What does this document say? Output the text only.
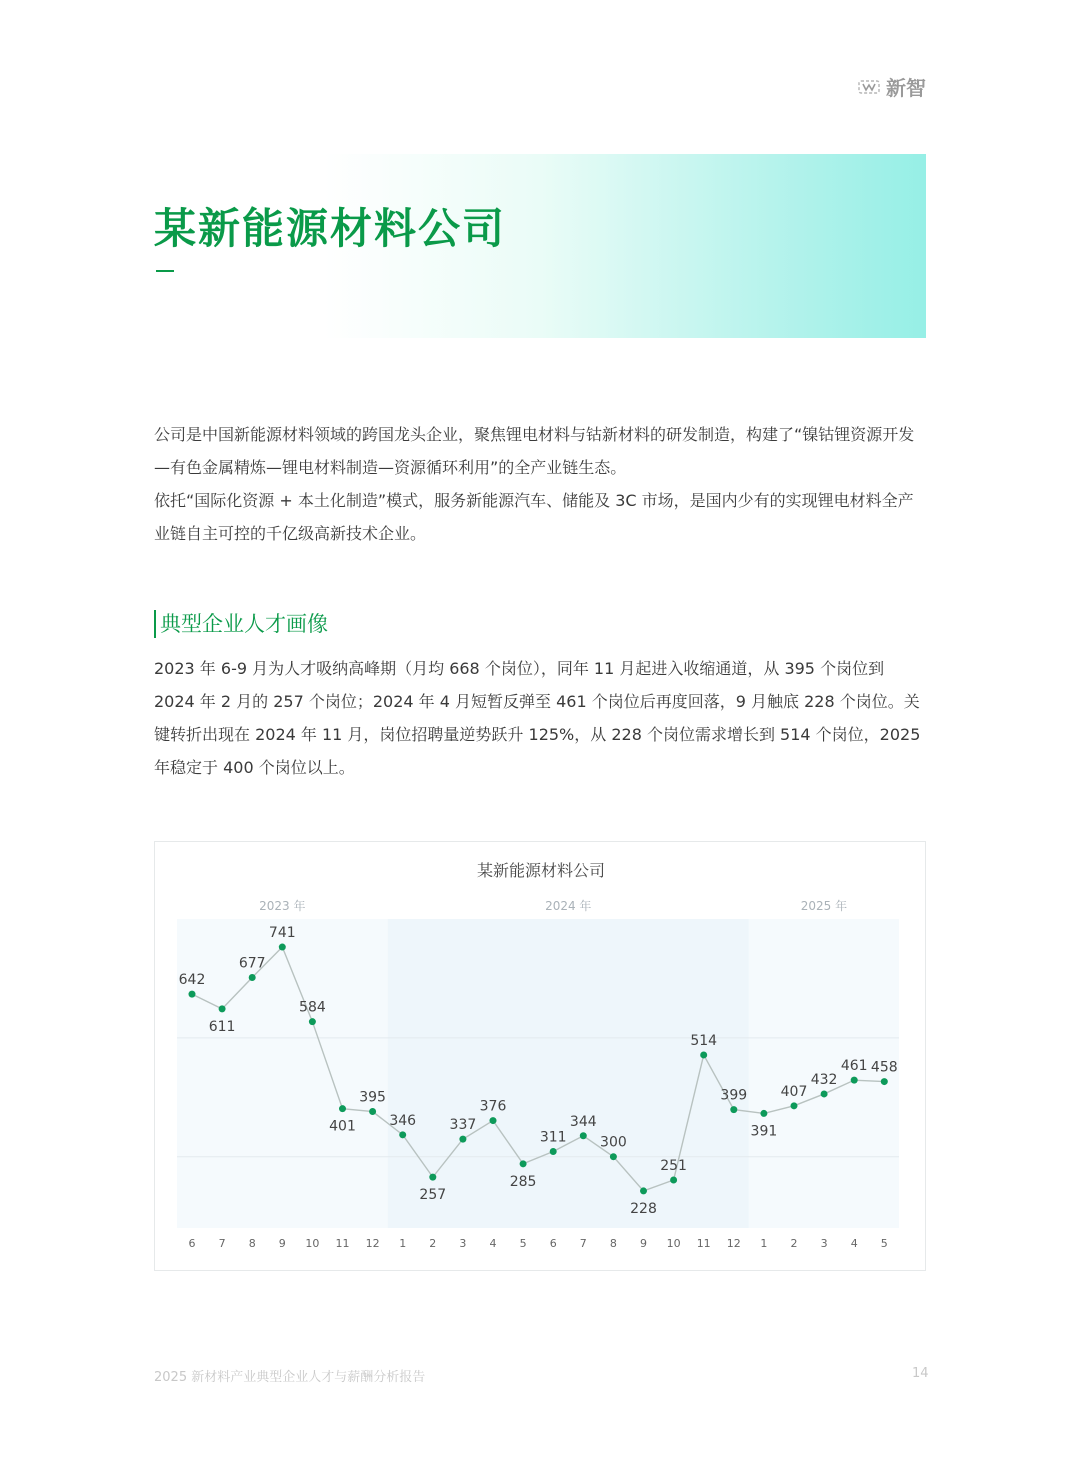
新智
某新能源材料公司

公司是中国新能源材料领域的跨国龙头企业，聚焦锂电材料与钴新材料的研发制造，构建了“镍钴锂资源开发—有色金属精炼—锂电材料制造—资源循环利用”的全产业链生态。

依托“国际化资源 + 本土化制造”模式，服务新能源汽车、储能及 3C 市场，是国内少有的实现锂电材料全产业链自主可控的千亿级高新技术企业。

典型企业人才画像

2023 年 6-9 月为人才吸纳高峰期（月均 668 个岗位），同年 11 月起进入收缩通道，从 395 个岗位到 2024 年 2 月的 257 个岗位；2024 年 4 月短暂反弹至 461 个岗位后再度回落，9 月触底 228 个岗位。关键转折出现在 2024 年 11 月，岗位招聘量逆势跃升 125%，从 228 个岗位需求增长到 514 个岗位，2025 年稳定于 400 个岗位以上。

某新能源材料公司
2023 年	2024 年	2025 年
642
611
677
741
584
401
395
346
257
337
376
285
311
344
300
228
251
514
399
391
407
432
461 458
6 7 8 9 10 11 12 1 2 3 4 5 6 7 8 9 10 11 12 1 2 3 4 5
2025 新材料产业典型企业人才与薪酬分析报告	14
